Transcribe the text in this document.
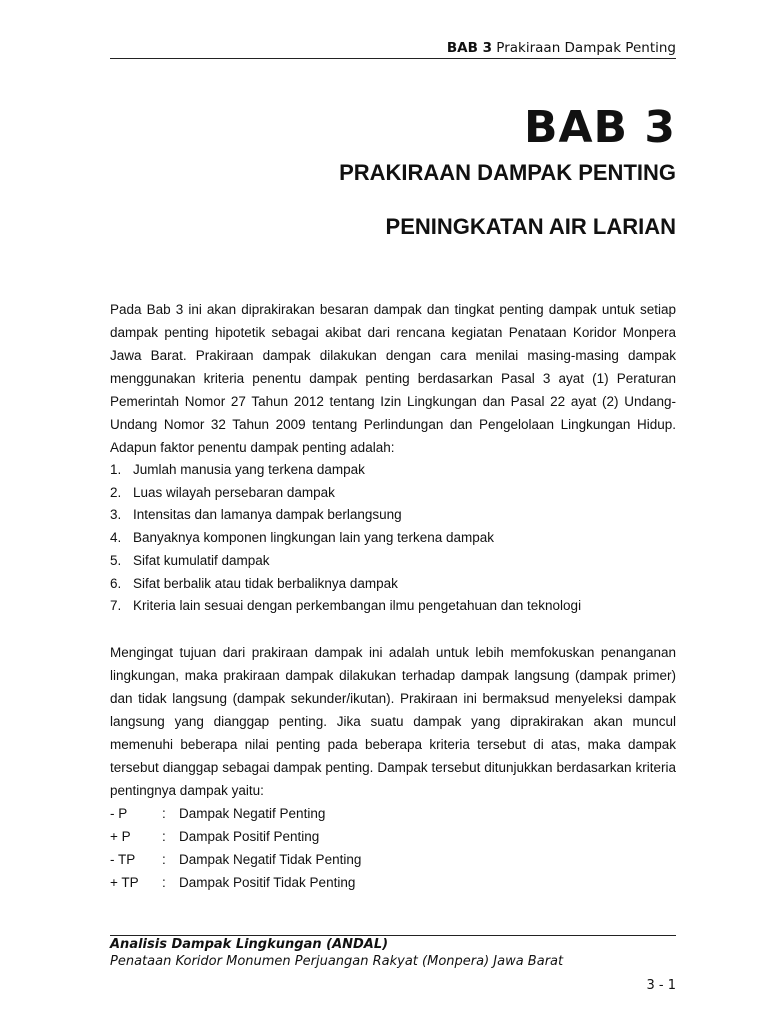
BAB 3 Prakiraan Dampak Penting
BAB 3
PRAKIRAAN DAMPAK PENTING
PENINGKATAN AIR LARIAN

Pada Bab 3 ini akan diprakirakan besaran dampak dan tingkat penting dampak untuk setiap dampak penting hipotetik sebagai akibat dari rencana kegiatan Penataan Koridor Monpera Jawa Barat. Prakiraan dampak dilakukan dengan cara menilai masing-masing dampak menggunakan kriteria penentu dampak penting berdasarkan Pasal 3 ayat (1) Peraturan Pemerintah Nomor 27 Tahun 2012 tentang Izin Lingkungan dan Pasal 22 ayat (2) Undang-Undang Nomor 32 Tahun 2009 tentang Perlindungan dan Pengelolaan Lingkungan Hidup. Adapun faktor penentu dampak penting adalah:

1. Jumlah manusia yang terkena dampak
2. Luas wilayah persebaran dampak
3. Intensitas dan lamanya dampak berlangsung
4. Banyaknya komponen lingkungan lain yang terkena dampak
5. Sifat kumulatif dampak
6. Sifat berbalik atau tidak berbaliknya dampak
7. Kriteria lain sesuai dengan perkembangan ilmu pengetahuan dan teknologi

Mengingat tujuan dari prakiraan dampak ini adalah untuk lebih memfokuskan penanganan lingkungan, maka prakiraan dampak dilakukan terhadap dampak langsung (dampak primer) dan tidak langsung (dampak sekunder/ikutan). Prakiraan ini bermaksud menyeleksi dampak langsung yang dianggap penting. Jika suatu dampak yang diprakirakan akan muncul memenuhi beberapa nilai penting pada beberapa kriteria tersebut di atas, maka dampak tersebut dianggap sebagai dampak penting. Dampak tersebut ditunjukkan berdasarkan kriteria pentingnya dampak yaitu:

- P	: Dampak Negatif Penting
+ P	: Dampak Positif Penting
- TP	: Dampak Negatif Tidak Penting
+ TP	: Dampak Positif Tidak Penting
Analisis Dampak Lingkungan (ANDAL)
Penataan Koridor Monumen Perjuangan Rakyat (Monpera) Jawa Barat
3 - 1
